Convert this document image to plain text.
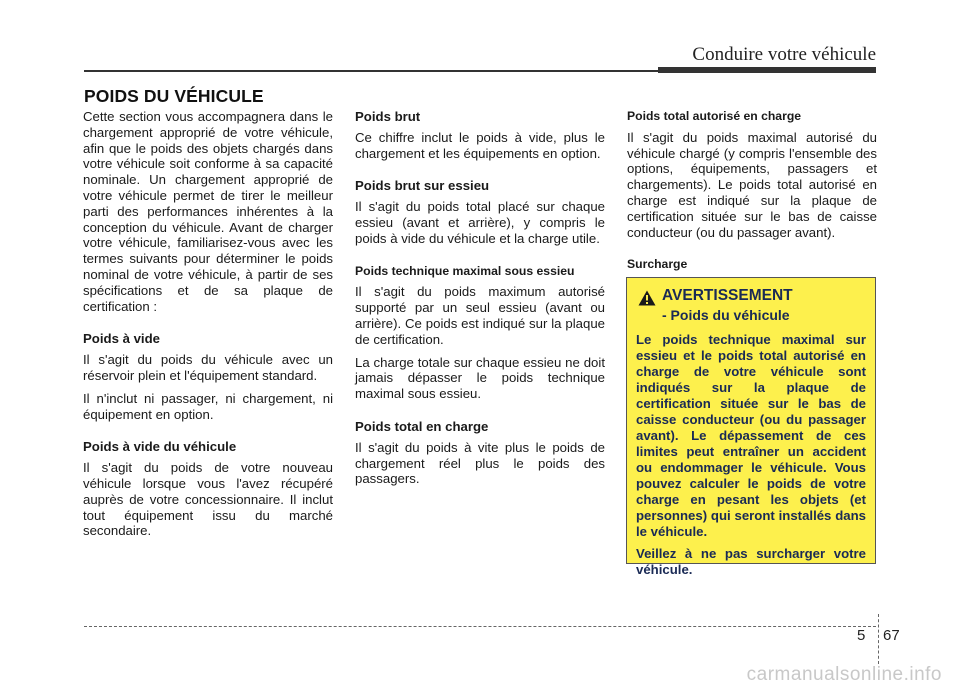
Conduire votre véhicule
POIDS DU VÉHICULE

Cette section vous accompagnera dans le chargement approprié de votre véhicule, afin que le poids des objets chargés dans votre véhicule soit conforme à sa capacité nominale. Un chargement approprié de votre véhicule permet de tirer le meilleur parti des performances inhérentes à la conception du véhicule. Avant de charger votre véhicule, familiarisez-vous avec les termes suivants pour déterminer le poids nominal de votre véhicule, à partir de ses spécifications et de sa plaque de certification :

Poids à vide

Il s'agit du poids du véhicule avec un réservoir plein et l'équipement standard.

Il n'inclut ni passager, ni chargement, ni équipement en option.

Poids à vide du véhicule

Il s'agit du poids de votre nouveau véhicule lorsque vous l'avez récupéré auprès de votre concessionnaire. Il inclut tout équipement issu du marché secondaire.

Poids brut

Ce chiffre inclut le poids à vide, plus le chargement et les équipements en option.

Poids brut sur essieu

Il s'agit du poids total placé sur chaque essieu (avant et arrière), y compris le poids à vide du véhicule et la charge utile.

Poids technique maximal sous essieu

Il s'agit du poids maximum autorisé supporté par un seul essieu (avant ou arrière). Ce poids est indiqué sur la plaque de certification.

La charge totale sur chaque essieu ne doit jamais dépasser le poids technique maximal sous essieu.

Poids total en charge

Il s'agit du poids à vite plus le poids de chargement réel plus le poids des passagers.

Poids total autorisé en charge

Il s'agit du poids maximal autorisé du véhicule chargé (y compris l'ensemble des options, équipements, passagers et chargements). Le poids total autorisé en charge est indiqué sur la plaque de certification située sur le bas de caisse conducteur (ou du passager avant).

Surcharge
AVERTISSEMENT
- Poids du véhicule

Le poids technique maximal sur essieu et le poids total autorisé en charge de votre véhicule sont indiqués sur la plaque de certification située sur le bas de caisse conducteur (ou du passager avant). Le dépassement de ces limites peut entraîner un accident ou endommager le véhicule. Vous pouvez calculer le poids de votre charge en pesant les objets (et personnes) qui seront installés dans le véhicule.

Veillez à ne pas surcharger votre véhicule.

5 67
carmanualsonline.info
